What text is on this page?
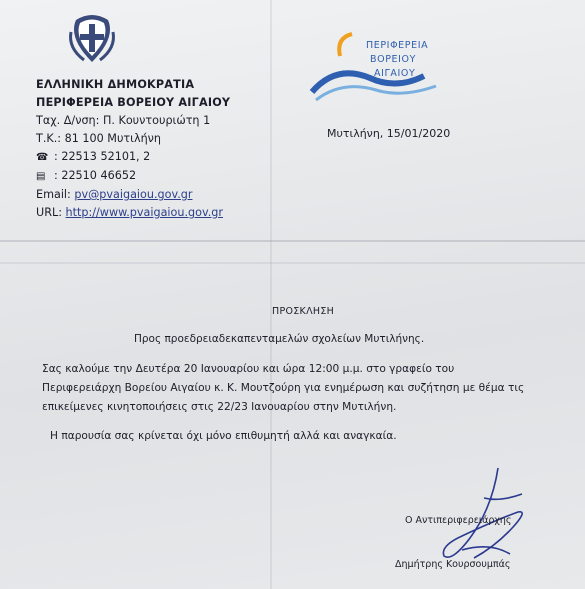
ΕΛΛΗΝΙΚΗ ΔΗΜΟΚΡΑΤΙΑ
ΠΕΡΙΦΕΡΕΙΑ ΒΟΡΕΙΟΥ ΑΙΓΑΙΟΥ
Ταχ. Δ/νση: Π. Κουντουριώτη 1
Τ.Κ.: 81 100 Μυτιλήνη
☎ : 22513 52101, 2
▤ : 22510 46652
Email: pv@pvaigaiou.gov.gr
URL: http://www.pvaigaiou.gov.gr
ΠΕΡΙΦΕΡΕΙΑ
ΒΟΡΕΙΟΥ
ΑΙΓΑΙΟΥ
Μυτιλήνη, 15/01/2020
ΠΡΟΣΚΛΗΣΗ
Προς προεδρειαδεκαπενταμελών σχολείων Μυτιλήνης.
Σας καλούμε την Δευτέρα 20 Ιανουαρίου και ώρα 12:00 μ.μ. στο γραφείο του
Περιφερειάρχη Βορείου Αιγαίου κ. Κ. Μουτζούρη για ενημέρωση και συζήτηση με θέμα τις
επικείμενες κινητοποιήσεις στις 22/23 Ιανουαρίου στην Μυτιλήνη.
Η παρουσία σας κρίνεται όχι μόνο επιθυμητή αλλά και αναγκαία.
Ο Αντιπεριφερειάρχης
Δημήτρης Κουρσουμπάς
